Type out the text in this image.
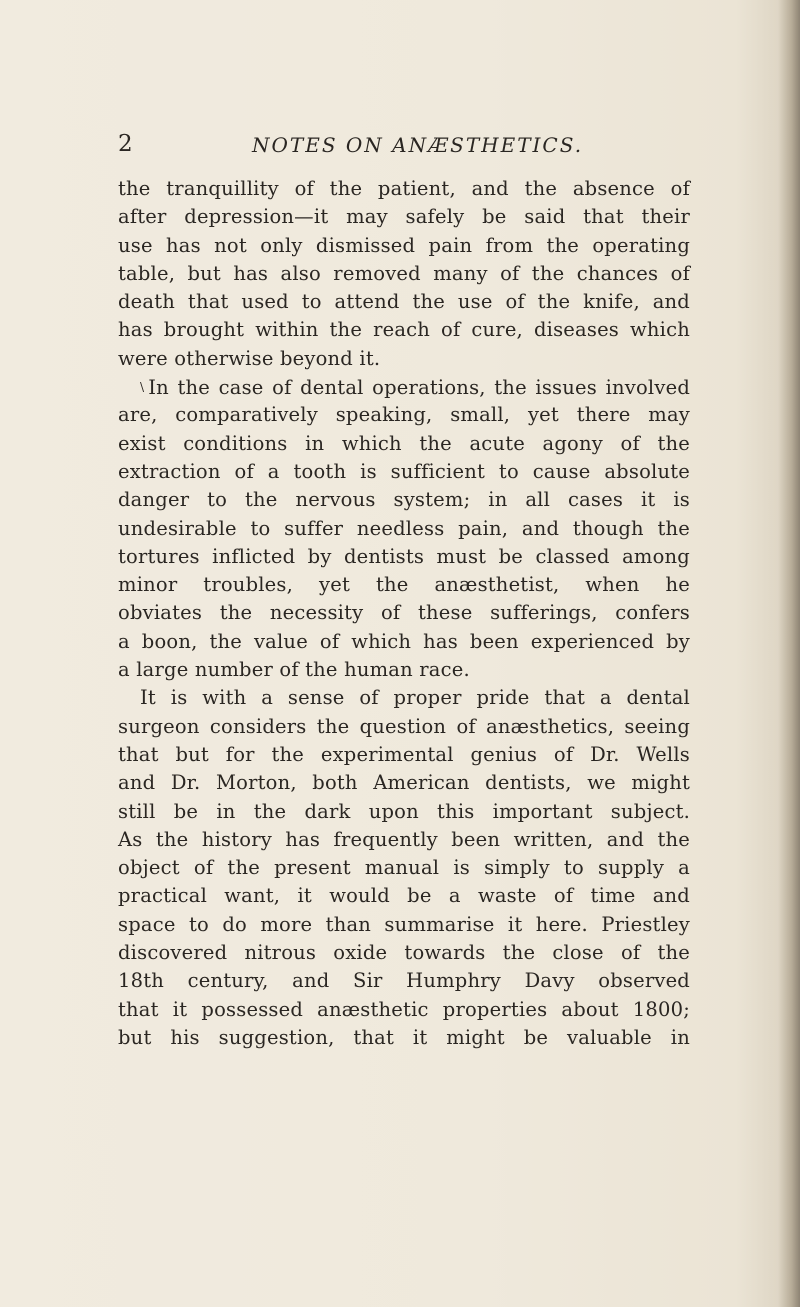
2	NOTES ON ANÆSTHETICS.
the tranquillity of the patient, and the absence of
after depression—it may safely be said that their
use has not only dismissed pain from the operating
table, but has also removed many of the chances of
death that used to attend the use of the knife, and
has brought within the reach of cure, diseases which
were otherwise beyond it.
\ In the case of dental operations, the issues involved
are, comparatively speaking, small, yet there may
exist conditions in which the acute agony of the
extraction of a tooth is sufficient to cause absolute
danger to the nervous system; in all cases it is
undesirable to suffer needless pain, and though the
tortures inflicted by dentists must be classed among
minor troubles, yet the anæsthetist, when he
obviates the necessity of these sufferings, confers
a boon, the value of which has been experienced by
a large number of the human race.
It is with a sense of proper pride that a dental
surgeon considers the question of anæsthetics, seeing
that but for the experimental genius of Dr. Wells
and Dr. Morton, both American dentists, we might
still be in the dark upon this important subject.
As the history has frequently been written, and the
object of the present manual is simply to supply a
practical want, it would be a waste of time and
space to do more than summarise it here. Priestley
discovered nitrous oxide towards the close of the
18th century, and Sir Humphry Davy observed
that it possessed anæsthetic properties about 1800;
but his suggestion, that it might be valuable in
